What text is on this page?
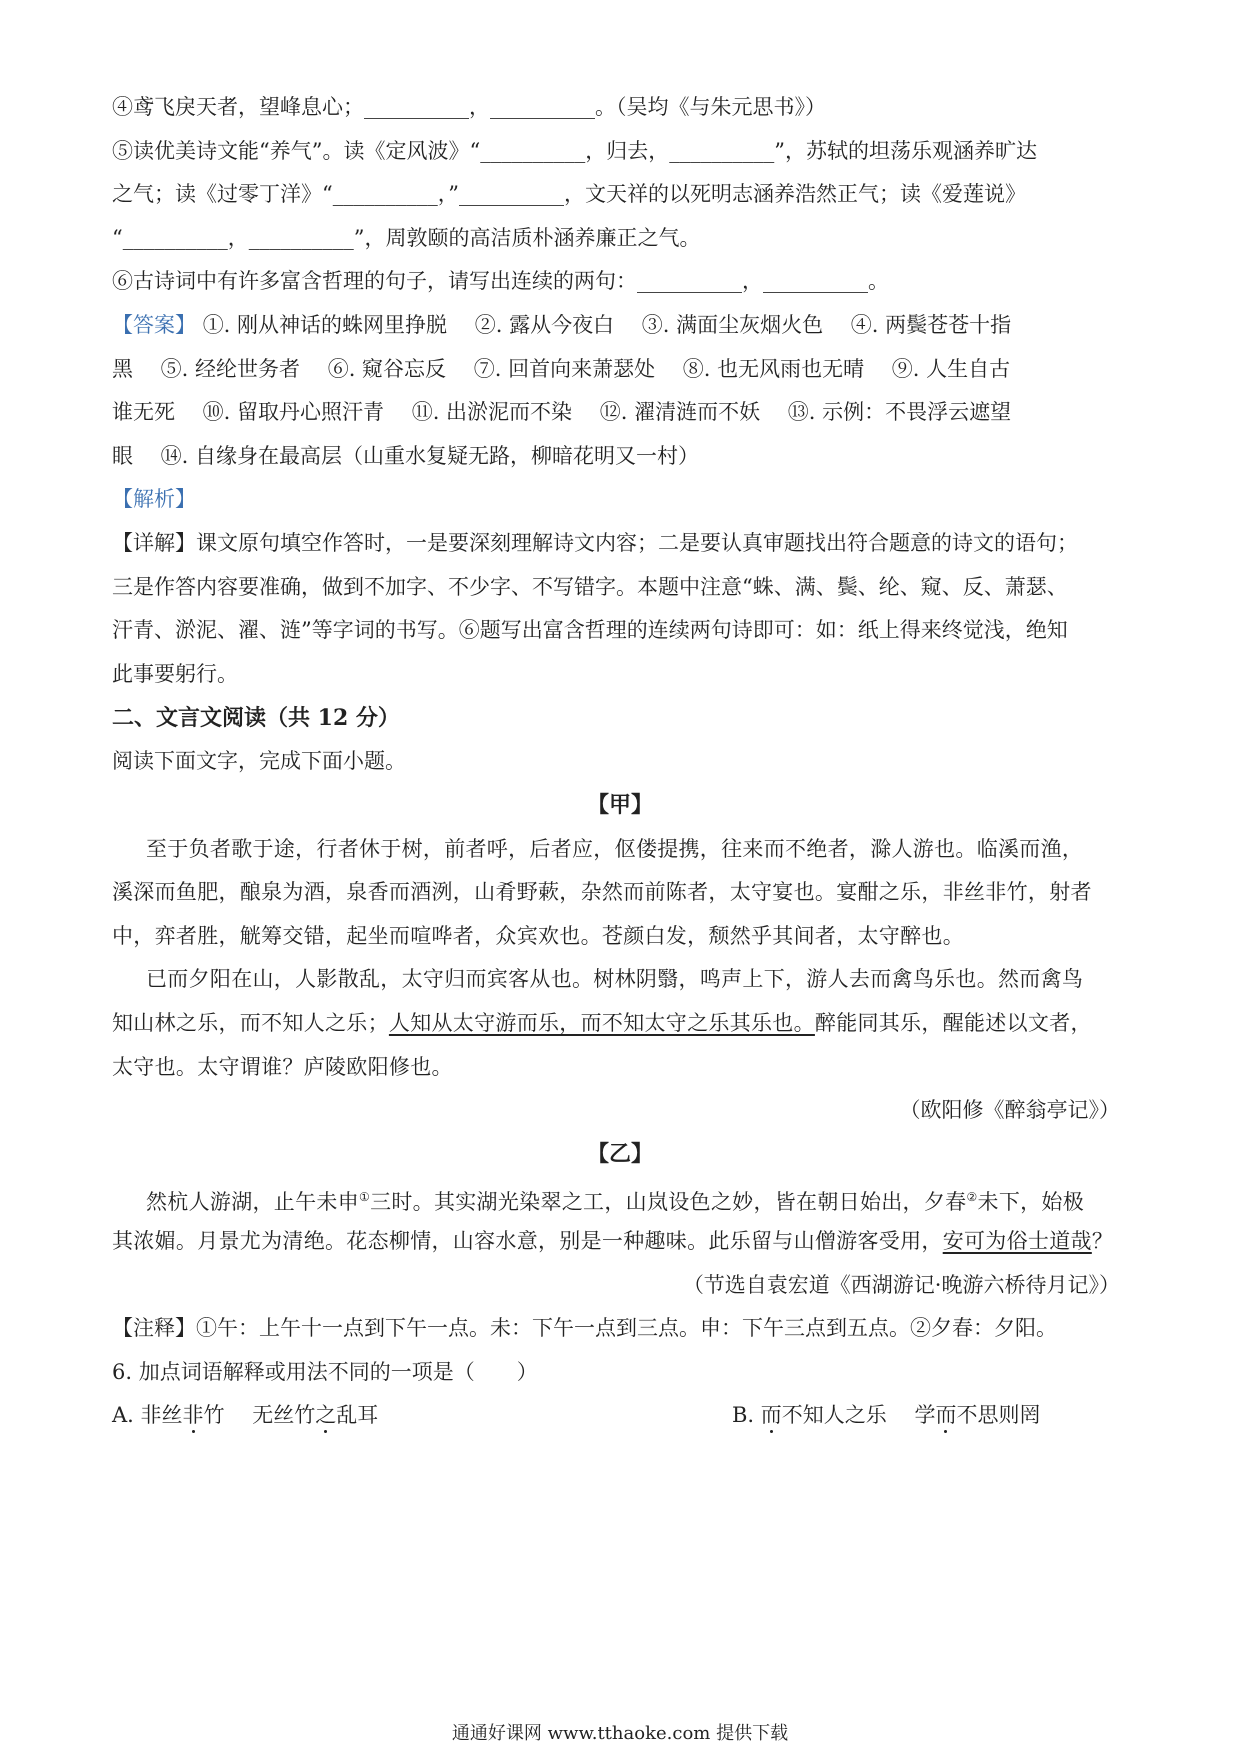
④鸢飞戾天者，望峰息心；__________，__________。（吴均《与朱元思书》）
⑤读优美诗文能“养气”。读《定风波》“__________，归去，__________”，苏轼的坦荡乐观涵养旷达
之气；读《过零丁洋》“__________，”__________，文天祥的以死明志涵养浩然正气；读《爱莲说》
“__________，__________”，周敦颐的高洁质朴涵养廉正之气。
⑥古诗词中有许多富含哲理的句子，请写出连续的两句：__________，__________。
【答案】 ①. 刚从神话的蛛网里挣脱　 ②. 露从今夜白　 ③. 满面尘灰烟火色　 ④. 两鬓苍苍十指
黑　 ⑤. 经纶世务者　 ⑥. 窥谷忘反　 ⑦. 回首向来萧瑟处　 ⑧. 也无风雨也无晴　 ⑨. 人生自古
谁无死　 ⑩. 留取丹心照汗青　 ⑪. 出淤泥而不染　 ⑫. 濯清涟而不妖　 ⑬. 示例：不畏浮云遮望
眼　 ⑭. 自缘身在最高层（山重水复疑无路，柳暗花明又一村）
【解析】
【详解】课文原句填空作答时，一是要深刻理解诗文内容；二是要认真审题找出符合题意的诗文的语句；
三是作答内容要准确，做到不加字、不少字、不写错字。本题中注意“蛛、满、鬓、纶、窥、反、萧瑟、
汗青、淤泥、濯、涟”等字词的书写。⑥题写出富含哲理的连续两句诗即可：如：纸上得来终觉浅，绝知
此事要躬行。
二、文言文阅读（共 12 分）
阅读下面文字，完成下面小题。
【甲】
至于负者歌于途，行者休于树，前者呼，后者应，伛偻提携，往来而不绝者，滁人游也。临溪而渔，
溪深而鱼肥，酿泉为酒，泉香而酒洌，山肴野蔌，杂然而前陈者，太守宴也。宴酣之乐，非丝非竹，射者
中，弈者胜，觥筹交错，起坐而喧哗者，众宾欢也。苍颜白发，颓然乎其间者，太守醉也。
已而夕阳在山，人影散乱，太守归而宾客从也。树林阴翳，鸣声上下，游人去而禽鸟乐也。然而禽鸟
知山林之乐，而不知人之乐；人知从太守游而乐，而不知太守之乐其乐也。醉能同其乐，醒能述以文者，
太守也。太守谓谁？庐陵欧阳修也。
（欧阳修《醉翁亭记》）
【乙】
然杭人游湖，止午未申①三时。其实湖光染翠之工，山岚设色之妙，皆在朝日始出，夕春②未下，始极
其浓媚。月景尤为清绝。花态柳情，山容水意，别是一种趣味。此乐留与山僧游客受用，安可为俗士道哉？
（节选自袁宏道《西湖游记·晚游六桥待月记》）
【注释】①午：上午十一点到下午一点。未：下午一点到三点。申：下午三点到五点。②夕春：夕阳。
6. 加点词语解释或用法不同的一项是（　　）
A. 非丝非竹　 无丝竹之乱耳	B. 而不知人之乐　 学而不思则罔
通通好课网 www.tthaoke.com 提供下载
